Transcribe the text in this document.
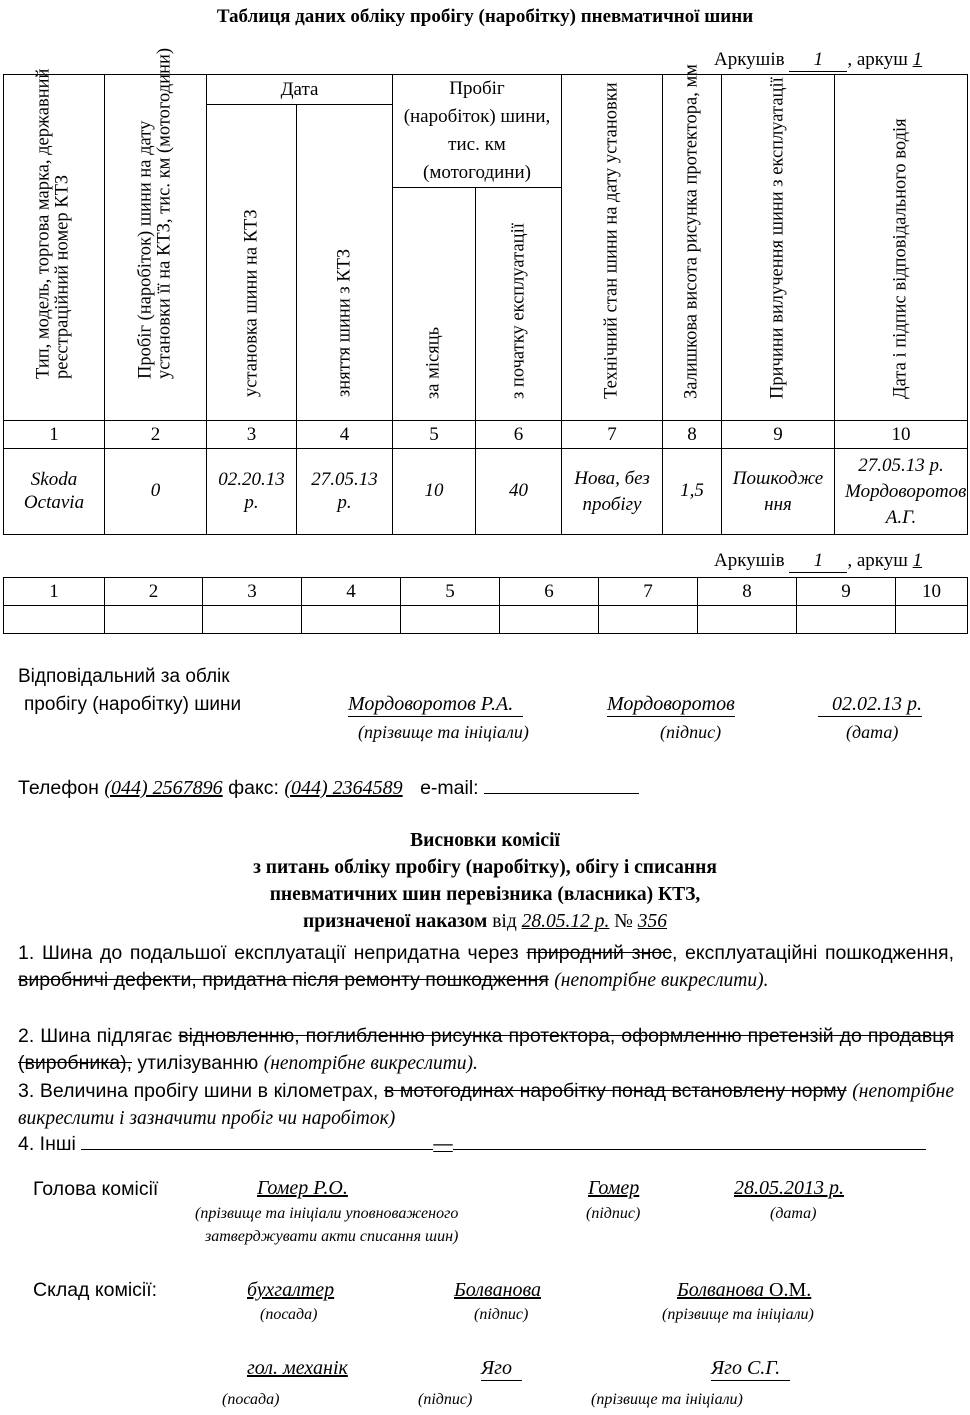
Таблиця даних обліку пробігу (наробітку) пневматичної шини
Аркушів 1 , аркуш 1
Тип, модель, торгова марка, державний реєстраційний номер КТЗ	Пробіг (наробіток) шини на дату установки її на КТЗ, тис. км (мотогодини)	Дата		Пробіг (наробіток) шини, тис. км (мотогодини)		Технічний стан шини на дату установки	Залишкова висота рисунка протектора, мм	Причини вилучення шини з експлуатації	Дата і підпис відповідального водія

		установка шини на КТЗ	зняття шини з КТЗ						

				за місяць	з початку експлуатації				

1	2	3	4	5	6	7	8	9	10
Skoda Octavia	0	02.20.13 р.	27.05.13 р.	10	40	Нова, без пробігу	1,5	Пошкодження	27.05.13 р. Мордоворотов А.Г.
Аркушів 1 , аркуш 1
1	2	3	4	5	6	7	8	9	10

Відповідальний за облік
пробігу (наробітку) шини	Мордоворотов Р.А.	Мордоворотов	02.02.13 р.
(прізвище та ініціали)	(підпис)	(дата)
Телефон (044) 2567896 факс: (044) 2364589 e-mail:
Висновки комісії
з питань обліку пробігу (наробітку), обігу і списання
пневматичних шин перевізника (власника) КТЗ,
призначеної наказом від 28.05.12 р. № 356
1. Шина до подальшої експлуатації непридатна через природний знос, експлуатаційні пошкодження, виробничі дефекти, придатна після ремонту пошкодження (непотрібне викреслити).
2. Шина підлягає відновленню, поглибленню рисунка протектора, оформленню претензій до продавця (виробника), утилізуванню (непотрібне викреслити).
3. Величина пробігу шини в кілометрах, в мотогодинах наробітку понад встановлену норму (непотрібне викреслити і зазначити пробіг чи наробіток)
4. Інші	—
Голова комісії	Гомер Р.О.	Гомер	28.05.2013 р.
(прізвище та ініціали уповноваженого
затверджувати акти списання шин)
(підпис)	(дата)
Склад комісії:	бухгалтер	Болванова	Болванова О.М.
(посада)	(підпис)	(прізвище та ініціали)
гол. механік	Яго	Яго С.Г.
(посада)	(підпис)	(прізвище та ініціали)
